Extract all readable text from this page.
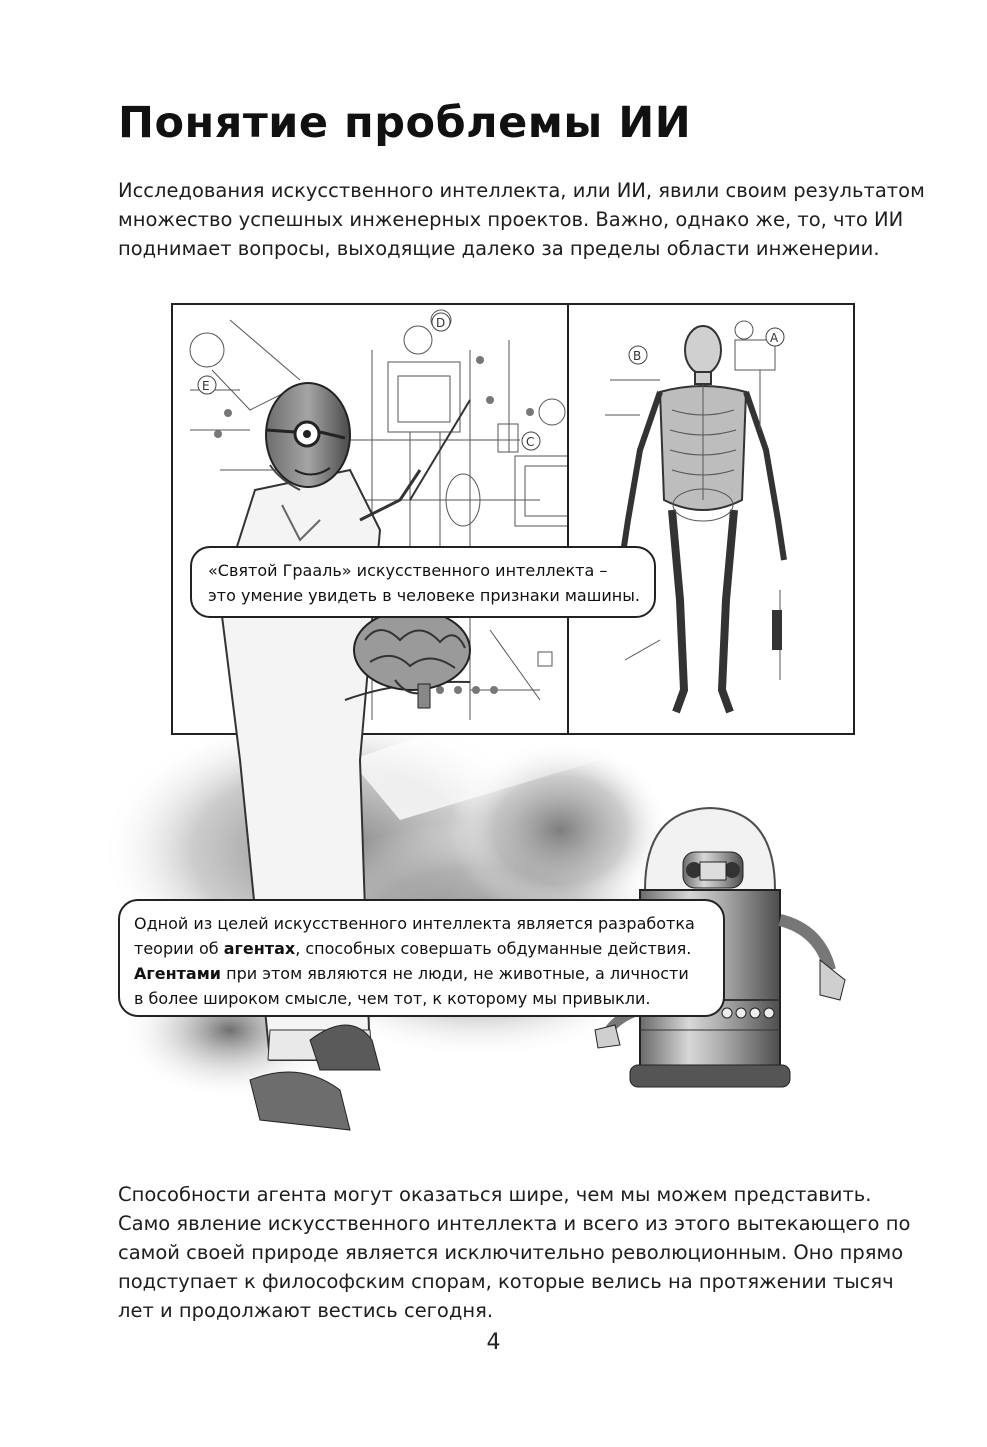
Понятие проблемы ИИ

Исследования искусственного интеллекта, или ИИ, явили своим результатом
множество успешных инженерных проектов. Важно, однако же, то, что ИИ
поднимает вопросы, выходящие далеко за пределы области инженерии.

E
D
C
B
A
«Святой Грааль» искусственного интеллекта –
это умение увидеть в человеке признаки машины.
Одной из целей искусственного интеллекта является разработка
теории об агентах, способных совершать обдуманные действия.
Агентами при этом являются не люди, не животные, а личности
в более широком смысле, чем тот, к которому мы привыкли.

Способности агента могут оказаться шире, чем мы можем представить.
Само явление искусственного интеллекта и всего из этого вытекающего по
самой своей природе является исключительно революционным. Оно прямо
подступает к философским спорам, которые велись на протяжении тысяч
лет и продолжают вестись сегодня.

4
